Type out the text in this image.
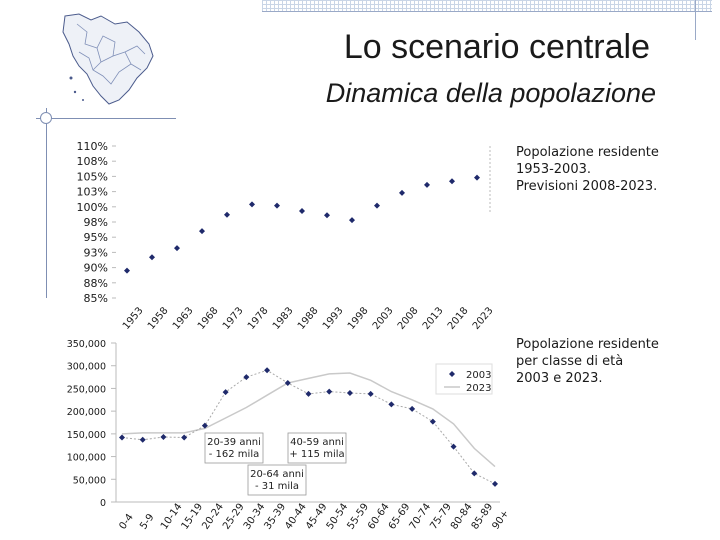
Lo scenario centrale
Dinamica della popolazione
Popolazione residente
1953-2003.
Previsioni 2008-2023.
Popolazione residente
per classe di età
2003 e 2023.
110%
108%
105%
103%
100%
98%
95%
93%
90%
88%
85%
1953 1958 1963 1968 1973 1978 1983 1988 1993 1998 2003 2008 2013 2018 2023
350,000
300,000
250,000
200,000
150,000
100,000
50,000
0
0-4 5-9 10-14
15-19
20-24
25-29
30-34
35-39
40-44
45-49
50-54
55-59
60-64
65-69
70-74
75-79
80-84
85-89
90+
2003
2023
20-39 anni
- 162 mila
40-59 anni
+ 115 mila
20-64 anni
- 31 mila
